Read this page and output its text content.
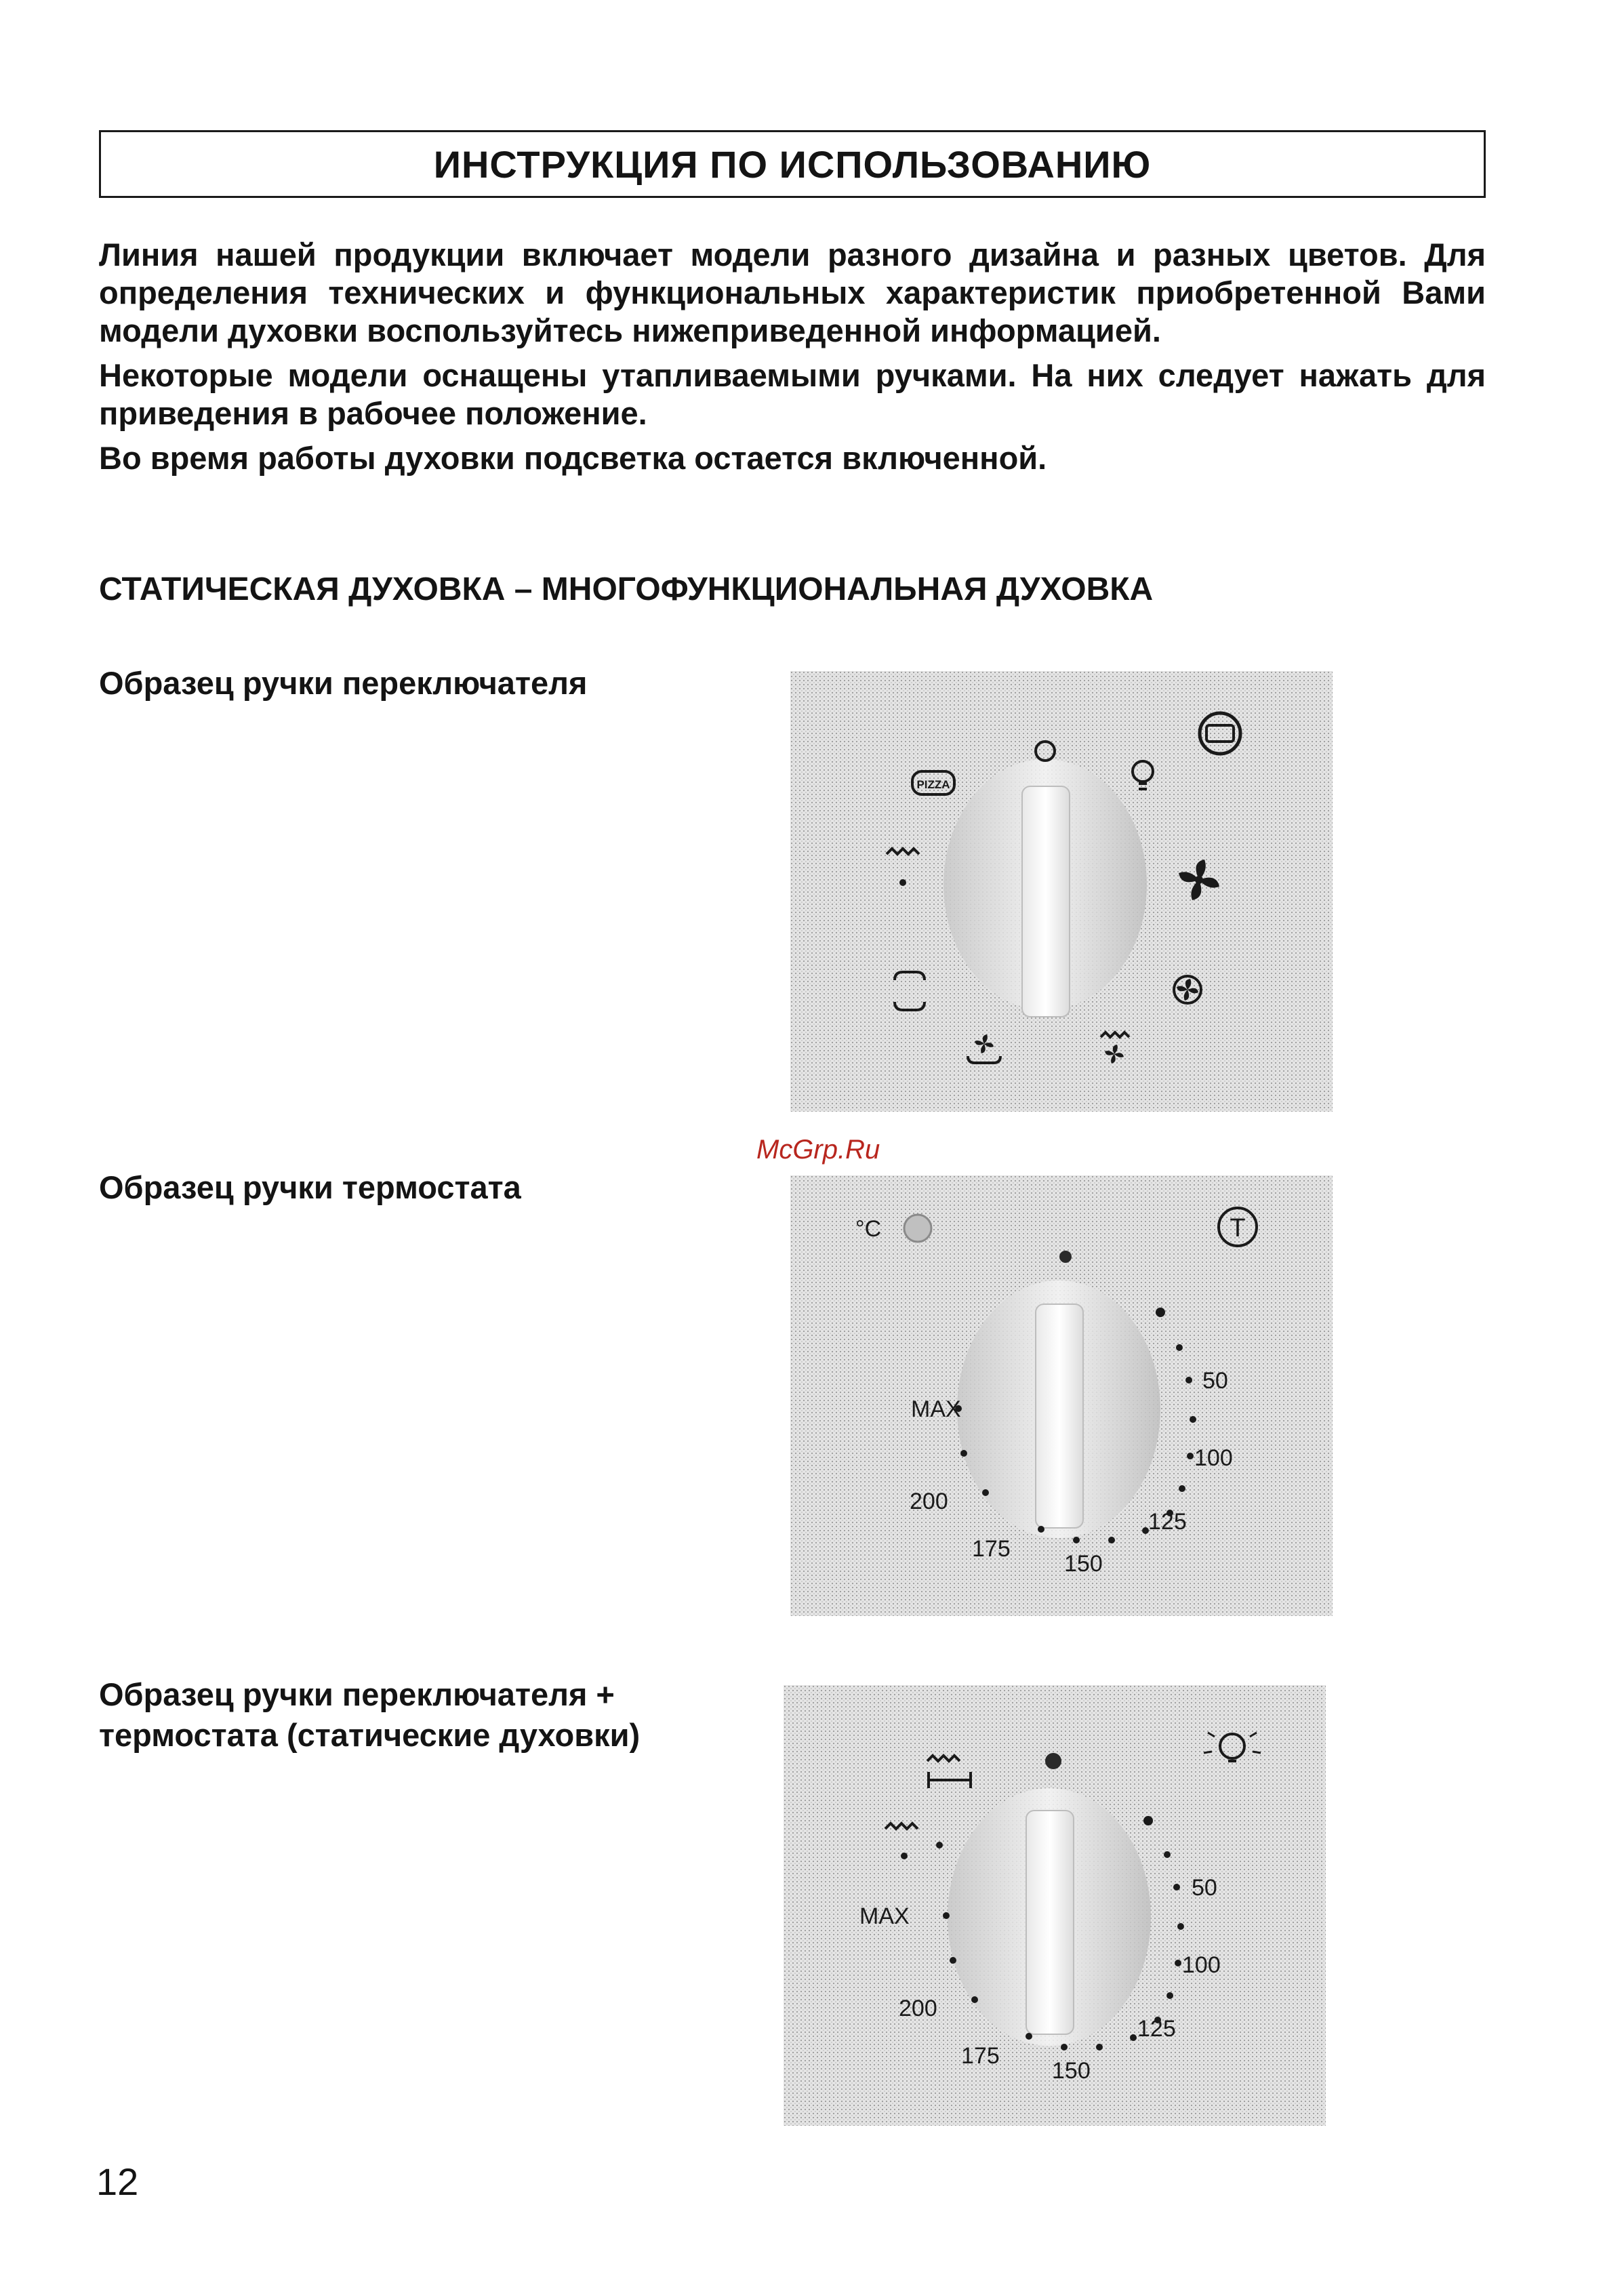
ИНСТРУКЦИЯ ПО ИСПОЛЬЗОВАНИЮ

Линия нашей продукции включает модели разного дизайна и разных цветов. Для определения технических и функциональных характеристик приобретенной Вами модели духовки воспользуйтесь нижеприведенной информацией.

Некоторые модели оснащены утапливаемыми ручками. На них следует нажать для приведения в рабочее положение.

Во время работы духовки подсветка остается включенной.

СТАТИЧЕСКАЯ ДУХОВКА – МНОГОФУНКЦИОНАЛЬНАЯ ДУХОВКА
Образец ручки переключателя
PIZZA
McGrp.Ru
Образец ручки термостата
°C	T
MAX
50
100
125
150
175
200
Образец ручки переключателя +
термостата (статические духовки)
MAX
50
100
125
150
175
200
12
